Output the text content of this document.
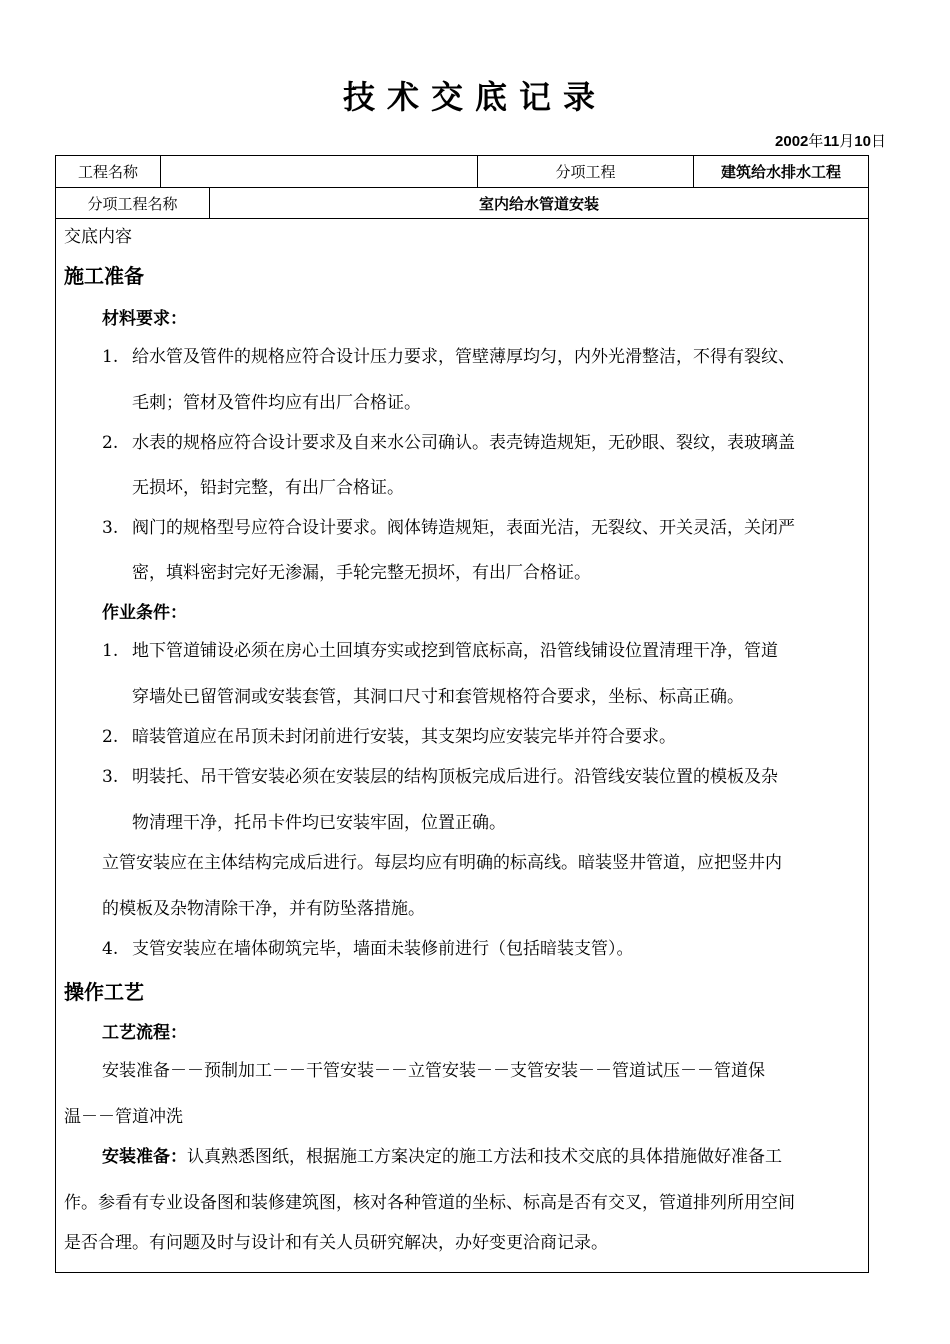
技术交底记录
2002年11月10日
工程名称	分项工程	建筑给水排水工程
分项工程名称	室内给水管道安装
交底内容
施工准备
材料要求：
1. 给水管及管件的规格应符合设计压力要求，管壁薄厚均匀，内外光滑整洁，不得有裂纹、
毛刺；管材及管件均应有出厂合格证。
2. 水表的规格应符合设计要求及自来水公司确认。表壳铸造规矩，无砂眼、裂纹，表玻璃盖
无损坏，铅封完整，有出厂合格证。
3. 阀门的规格型号应符合设计要求。阀体铸造规矩，表面光洁，无裂纹、开关灵活，关闭严
密，填料密封完好无渗漏，手轮完整无损坏，有出厂合格证。
作业条件：
1. 地下管道铺设必须在房心土回填夯实或挖到管底标高，沿管线铺设位置清理干净，管道
穿墙处已留管洞或安装套管，其洞口尺寸和套管规格符合要求，坐标、标高正确。
2. 暗装管道应在吊顶未封闭前进行安装，其支架均应安装完毕并符合要求。
3. 明装托、吊干管安装必须在安装层的结构顶板完成后进行。沿管线安装位置的模板及杂
物清理干净，托吊卡件均已安装牢固，位置正确。
立管安装应在主体结构完成后进行。每层均应有明确的标高线。暗装竖井管道，应把竖井内
的模板及杂物清除干净，并有防坠落措施。
4. 支管安装应在墙体砌筑完毕，墙面未装修前进行（包括暗装支管）。
操作工艺
工艺流程：
安装准备－－预制加工－－干管安装－－立管安装－－支管安装－－管道试压－－管道保
温－－管道冲洗
安装准备：认真熟悉图纸，根据施工方案决定的施工方法和技术交底的具体措施做好准备工
作。参看有专业设备图和装修建筑图，核对各种管道的坐标、标高是否有交叉，管道排列所用空间
是否合理。有问题及时与设计和有关人员研究解决，办好变更洽商记录。
